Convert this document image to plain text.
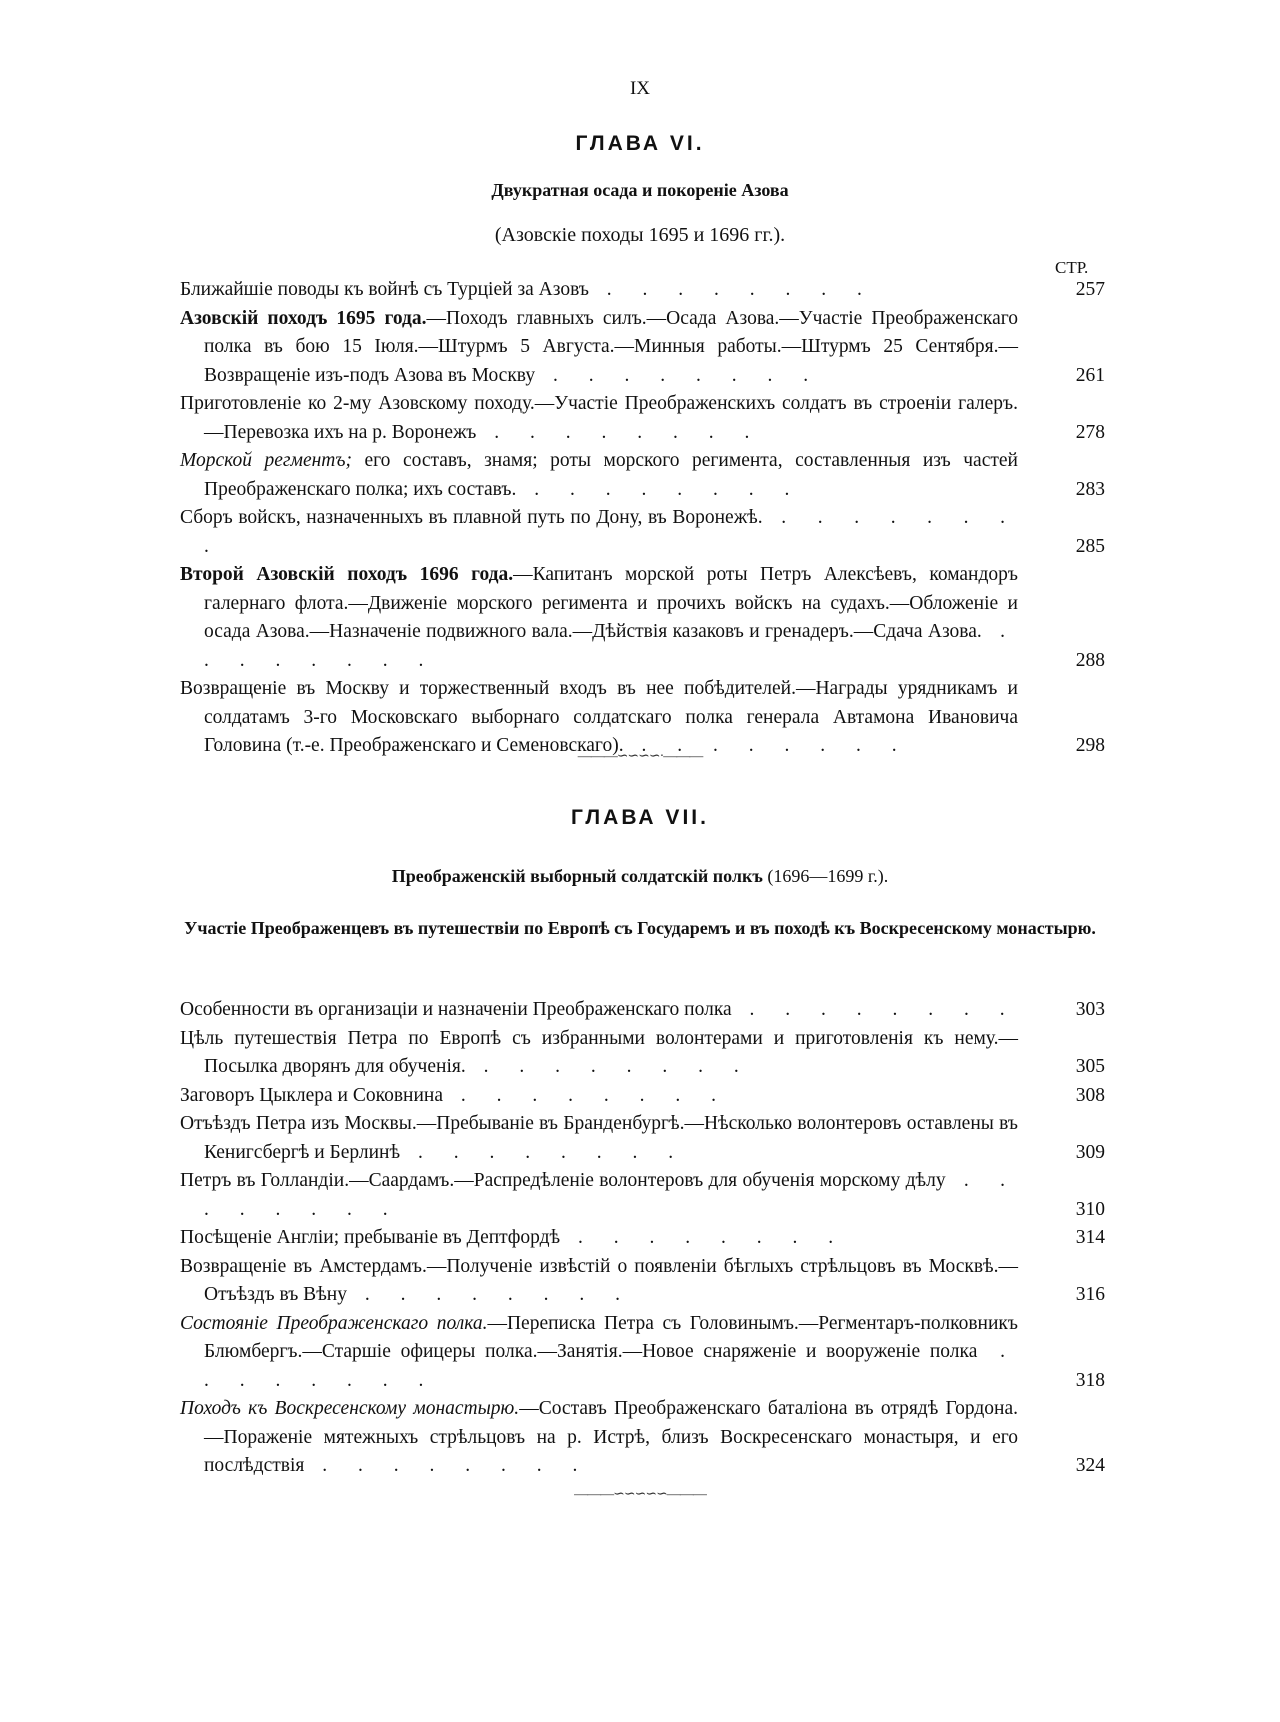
IX
ГЛАВА VI.
Двукратная осада и покореніе Азова
(Азовскіе походы 1695 и 1696 гг.).
СТР.
Ближайшіе поводы къ войнѣ съ Турціей за Азовъ . . . . . . . .	257
Азовскій походъ 1695 года.—Походъ главныхъ силъ.—Осада Азова.—Участіе Преображенскаго полка въ бою 15 Іюля.—Штурмъ 5 Августа.—Минныя работы.—Штурмъ 25 Сентября.—Возвращеніе изъ-подъ Азова въ Москву . . . . . . . .	261
Приготовленіе ко 2-му Азовскому походу.—Участіе Преображенскихъ солдатъ въ строеніи галеръ.—Перевозка ихъ на р. Воронежъ . . . . . . . .	278
Морской регментъ; его составъ, знамя; роты морского регимента, составленныя изъ частей Преображенскаго полка; ихъ составъ. . . . . . . . .	283
Сборъ войскъ, назначенныхъ въ плавной путь по Дону, въ Воронежѣ. . . . . . . . .	285
Второй Азовскій походъ 1696 года.—Капитанъ морской роты Петръ Алексѣевъ, командоръ галернаго флота.—Движеніе морского регимента и прочихъ войскъ на судахъ.—Обложеніе и осада Азова.—Назначеніе подвижного вала.—Дѣйствія казаковъ и гренадеръ.—Сдача Азова. . . . . . . . .	288
Возвращеніе въ Москву и торжественный входъ въ нее побѣдителей.—Награды урядникамъ и солдатамъ 3-го Московскаго выборнаго солдатскаго полка генерала Автамона Ивановича Головина (т.-е. Преображенскаго и Семеновскаго). . . . . . . . .	298
———∽∽∽∽·———
ГЛАВА VII.
Преображенскій выборный солдатскій полкъ (1696—1699 г.).
Участіе Преображенцевъ въ путешествіи по Европѣ съ Государемъ и въ походѣ къ Воскресенскому монастырю.
Особенности въ организаціи и назначеніи Преображенскаго полка . . . . . . . .	303
Цѣль путешествія Петра по Европѣ съ избранными волонтерами и приготовленія къ нему.—Посылка дворянъ для обученія. . . . . . . . .	305
Заговоръ Цыклера и Соковнина . . . . . . . .	308
Отъѣздъ Петра изъ Москвы.—Пребываніе въ Бранденбургѣ.—Нѣсколько волонтеровъ оставлены въ Кенигсбергѣ и Берлинѣ . . . . . . . .	309
Петръ въ Голландіи.—Саардамъ.—Распредѣленіе волонтеровъ для обученія морскому дѣлу . . . . . . . .	310
Посѣщеніе Англіи; пребываніе въ Дептфордѣ . . . . . . . .	314
Возвращеніе въ Амстердамъ.—Полученіе извѣстій о появленіи бѣглыхъ стрѣльцовъ въ Москвѣ.—Отъѣздъ въ Вѣну . . . . . . . .	316
Состояніе Преображенскаго полка.—Переписка Петра съ Головинымъ.—Регментаръ-полковникъ Блюмбергъ.—Старшіе офицеры полка.—Занятія.—Новое снаряженіе и вооруженіе полка . . . . . . . .	318
Походъ къ Воскресенскому монастырю.—Составъ Преображенскаго баталіона въ отрядѣ Гордона.—Пораженіе мятежныхъ стрѣльцовъ на р. Истрѣ, близъ Воскресенскаго монастыря, и его послѣдствія . . . . . . . .	324
———∽∽∽∽∽———
